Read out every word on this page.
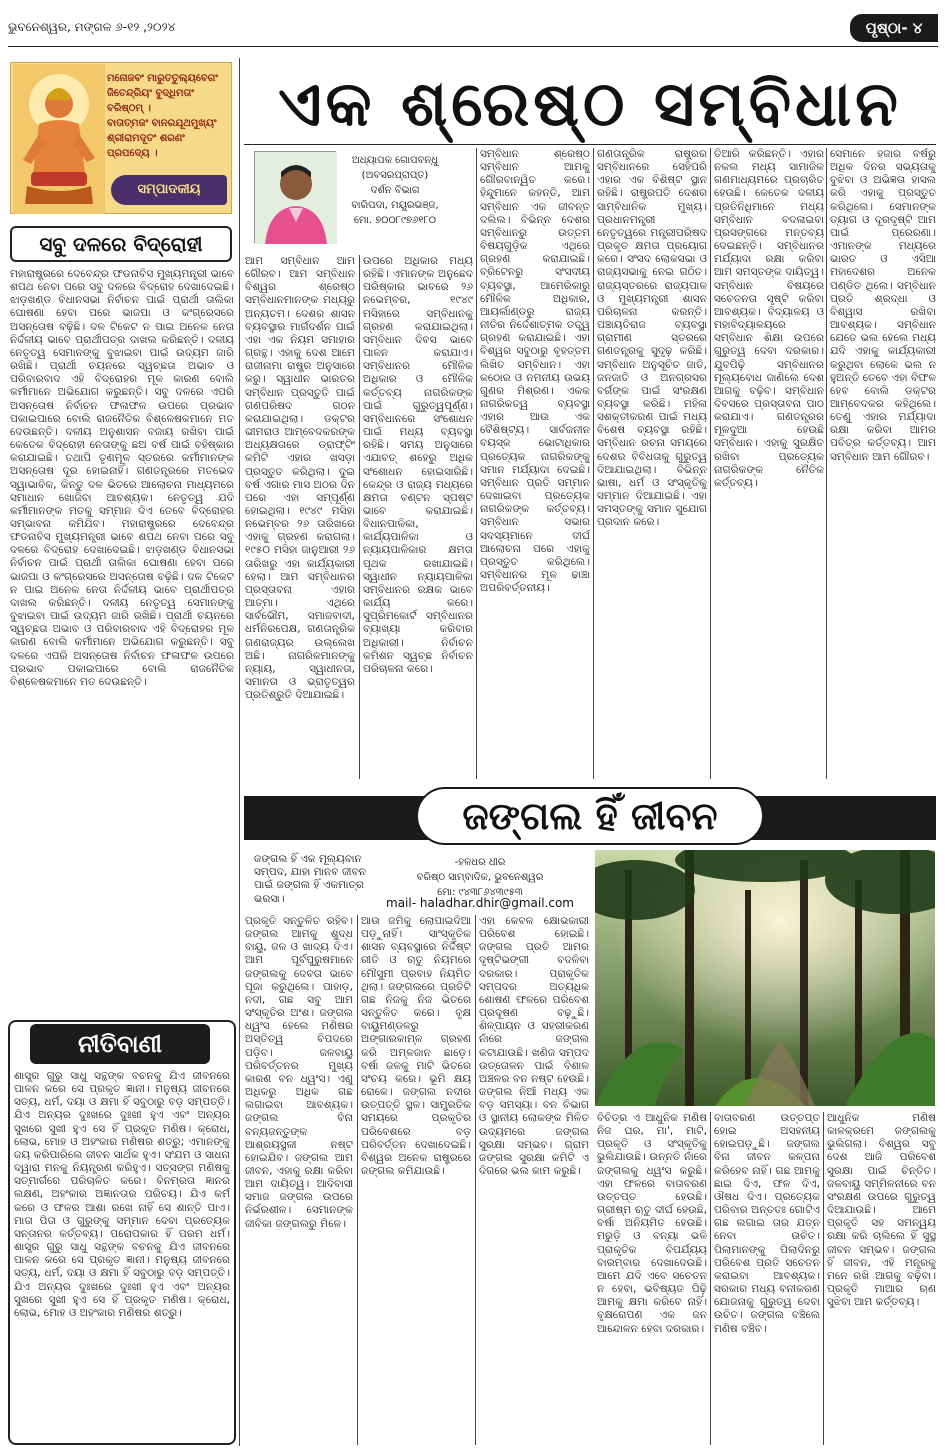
ଭୁବନେଶ୍ୱର, ମଙ୍ଗଳ ୬-୧୨ ,୨୦୨୪	ପୃଷ୍ଠା- ୪
ମନୋଜବଂ ମାରୁତତୁଲ୍ୟବେଗଂ
ଜିତେନ୍ଦ୍ରିୟଂ ବୁଦ୍ଧିମତାଂ ବରିଷ୍ଠମ୍ ।
ବାତାତ୍ମଜଂ ବାନରଯୂଥମୁଖ୍ୟଂ
ଶ୍ରୀରାମଦୂତଂ ଶରଣଂ ପ୍ରପଦ୍ୟେ ।
ସମ୍ପାଦକୀୟ
ସବୁ ଦଳରେ ବିଦ୍ରୋହୀ
ମହାରାଷ୍ଟ୍ରରେ ଦେବେନ୍ଦ୍ର ଫଡନାବିସ ମୁଖ୍ୟମନ୍ତ୍ରୀ ଭାବେ ଶପଥ ନେବା ପରେ ସବୁ ଦଳରେ ବିଦ୍ରୋହ ଦେଖାଦେଇଛି। ଝାଡ଼ଖଣ୍ଡ ବିଧାନସଭା ନିର୍ବାଚନ ପାଇଁ ପ୍ରାର୍ଥୀ ତାଲିକା ଘୋଷଣା ହେବା ପରେ ଭାଜପା ଓ କଂଗ୍ରେସରେ ଅସନ୍ତୋଷ ବଢ଼ିଛି। ଦଳ ଟିକେଟ ନ ପାଇ ଅନେକ ନେତା ନିର୍ଦ୍ଦଳୀୟ ଭାବେ ପ୍ରାର୍ଥୀପତ୍ର ଦାଖଲ କରିଛନ୍ତି। ଦଳୀୟ ନେତୃତ୍ୱ ସେମାନଙ୍କୁ ବୁଝାଇବା ପାଇଁ ଉଦ୍ୟମ ଜାରି ରଖିଛି। ପ୍ରାର୍ଥୀ ଚୟନରେ ସ୍ୱଚ୍ଛତା ଅଭାବ ଓ ପରିବାରବାଦ ଏହି ବିଦ୍ରୋହର ମୂଳ କାରଣ ବୋଲି କର୍ମୀମାନେ ଅଭିଯୋଗ କରୁଛନ୍ତି। ସବୁ ଦଳରେ ଏପରି ଅସନ୍ତୋଷ ନିର୍ବାଚନ ଫଳାଫଳ ଉପରେ ପ୍ରଭାବ ପକାଇପାରେ ବୋଲି ରାଜନୈତିକ ବିଶ୍ଳେଷକମାନେ ମତ ଦେଉଛନ୍ତି। ଦଳୀୟ ଅନୁଶାସନ ବଜାୟ ରଖିବା ପାଇଁ କେତେକ ବିଦ୍ରୋହୀ ନେତାଙ୍କୁ ଛଅ ବର୍ଷ ପାଇଁ ବହିଷ୍କାର କରାଯାଇଛି। ତଥାପି ତୃଣମୂଳ ସ୍ତରରେ କର୍ମୀମାନଙ୍କ ଅସନ୍ତୋଷ ଦୂର ହୋଇନାହିଁ। ଗଣତନ୍ତ୍ରରେ ମତଭେଦ ସ୍ୱାଭାବିକ, କିନ୍ତୁ ଦଳ ଭିତରେ ଆଲୋଚନା ମାଧ୍ୟମରେ ସମାଧାନ ଖୋଜିବା ଆବଶ୍ୟକ। ନେତୃତ୍ୱ ଯଦି କର୍ମୀମାନଙ୍କ ମତକୁ ସମ୍ମାନ ଦିଏ ତେବେ ବିଦ୍ରୋହର ସମ୍ଭାବନା କମିଯିବ। ମହାରାଷ୍ଟ୍ରରେ ଦେବେନ୍ଦ୍ର ଫଡନାବିସ ମୁଖ୍ୟମନ୍ତ୍ରୀ ଭାବେ ଶପଥ ନେବା ପରେ ସବୁ ଦଳରେ ବିଦ୍ରୋହ ଦେଖାଦେଇଛି। ଝାଡ଼ଖଣ୍ଡ ବିଧାନସଭା ନିର୍ବାଚନ ପାଇଁ ପ୍ରାର୍ଥୀ ତାଲିକା ଘୋଷଣା ହେବା ପରେ ଭାଜପା ଓ କଂଗ୍ରେସରେ ଅସନ୍ତୋଷ ବଢ଼ିଛି। ଦଳ ଟିକେଟ ନ ପାଇ ଅନେକ ନେତା ନିର୍ଦ୍ଦଳୀୟ ଭାବେ ପ୍ରାର୍ଥୀପତ୍ର ଦାଖଲ କରିଛନ୍ତି। ଦଳୀୟ ନେତୃତ୍ୱ ସେମାନଙ୍କୁ ବୁଝାଇବା ପାଇଁ ଉଦ୍ୟମ ଜାରି ରଖିଛି। ପ୍ରାର୍ଥୀ ଚୟନରେ ସ୍ୱଚ୍ଛତା ଅଭାବ ଓ ପରିବାରବାଦ ଏହି ବିଦ୍ରୋହର ମୂଳ କାରଣ ବୋଲି କର୍ମୀମାନେ ଅଭିଯୋଗ କରୁଛନ୍ତି। ସବୁ ଦଳରେ ଏପରି ଅସନ୍ତୋଷ ନିର୍ବାଚନ ଫଳାଫଳ ଉପରେ ପ୍ରଭାବ ପକାଇପାରେ ବୋଲି ରାଜନୈତିକ ବିଶ୍ଳେଷକମାନେ ମତ ଦେଉଛନ୍ତି।
ନୀତିବାଣୀ
ଶାସ୍ତ୍ର ଗୁରୁ ସାଧୁ ସନ୍ଥଙ୍କ ବଚନକୁ ଯିଏ ଜୀବନରେ ପାଳନ କରେ ସେ ପ୍ରକୃତ ଜ୍ଞାନୀ। ମନୁଷ୍ୟ ଜୀବନରେ ସତ୍ୟ, ଧର୍ମ, ଦୟା ଓ କ୍ଷମା ହିଁ ସବୁଠାରୁ ବଡ଼ ସମ୍ପତ୍ତି। ଯିଏ ଅନ୍ୟର ଦୁଃଖରେ ଦୁଃଖୀ ହୁଏ ଏବଂ ଅନ୍ୟର ସୁଖରେ ସୁଖୀ ହୁଏ ସେ ହିଁ ପ୍ରକୃତ ମଣିଷ। କ୍ରୋଧ, ଲୋଭ, ମୋହ ଓ ଅହଂକାର ମଣିଷର ଶତ୍ରୁ; ଏମାନଙ୍କୁ ଜୟ କରିପାରିଲେ ଜୀବନ ସାର୍ଥକ ହୁଏ। ସଂଯମ ଓ ସାଧନା ଦ୍ୱାରା ମନକୁ ନିୟନ୍ତ୍ରଣ କରିହୁଏ। ସତ୍‌ସଙ୍ଗ ମଣିଷକୁ ସତ୍‌ମାର୍ଗରେ ପରିଚାଳିତ କରେ। ବିନମ୍ରତା ଜ୍ଞାନର ଲକ୍ଷଣ, ଅହଂକାର ଅଜ୍ଞାନତାର ପରିଚୟ। ଯିଏ କର୍ମ କରେ ଓ ଫଳର ଆଶା ରଖେ ନାହିଁ ସେ ଶାନ୍ତି ପାଏ। ମାତା ପିତା ଓ ଗୁରୁଙ୍କୁ ସମ୍ମାନ ଦେବା ପ୍ରତ୍ୟେକ ସନ୍ତାନର କର୍ତ୍ତବ୍ୟ। ପରୋପକାର ହିଁ ପରମ ଧର୍ମ। ଶାସ୍ତ୍ର ଗୁରୁ ସାଧୁ ସନ୍ଥଙ୍କ ବଚନକୁ ଯିଏ ଜୀବନରେ ପାଳନ କରେ ସେ ପ୍ରକୃତ ଜ୍ଞାନୀ। ମନୁଷ୍ୟ ଜୀବନରେ ସତ୍ୟ, ଧର୍ମ, ଦୟା ଓ କ୍ଷମା ହିଁ ସବୁଠାରୁ ବଡ଼ ସମ୍ପତ୍ତି। ଯିଏ ଅନ୍ୟର ଦୁଃଖରେ ଦୁଃଖୀ ହୁଏ ଏବଂ ଅନ୍ୟର ସୁଖରେ ସୁଖୀ ହୁଏ ସେ ହିଁ ପ୍ରକୃତ ମଣିଷ। କ୍ରୋଧ, ଲୋଭ, ମୋହ ଓ ଅହଂକାର ମଣିଷର ଶତ୍ରୁ।
ଏକ ଶ୍ରେଷ୍ଠ ସମ୍ବିଧାନ
ଅଧ୍ୟାପକ ଗୋପବନ୍ଧୁ (ଅବସରପ୍ରାପ୍ତ)
ଦର୍ଶନ ବିଭାଗ
ବାରିପଦା, ମୟୂରଭଞ୍ଜ,
ମୋ. ୭୦୦୮୯୭୬୧୮୦
ଆମ ସମ୍ବିଧାନ ଆମ ଗୌରବ। ଆମ ସମ୍ବିଧାନ ବିଶ୍ୱର ଶ୍ରେଷ୍ଠ ସମ୍ବିଧାନମାନଙ୍କ ମଧ୍ୟରୁ ଅନ୍ୟତମ। ଦେଶର ଶାସନ ବ୍ୟବସ୍ଥାର ମାର୍ଗଦର୍ଶନ ପାଇଁ ଏହା ଏକ ନିୟମ ସମାହାର ଗ୍ରନ୍ଥ। ଏହାକୁ ଦେଶ ଆମେ ରାଜୀନାମା ରାଷ୍ଟ୍ର ଅନୁସାରେ କରୁ। ସ୍ୱାଧୀନ ଭାରତର ସମ୍ବିଧାନ ପ୍ରସ୍ତୁତି ପାଇଁ ଗଣପରିଷଦ ଗଠନ କରାଯାଇଥିଲା। ଡକ୍ଟର ଭୀମରାଓ ଆମ୍ବେଦକରଙ୍କ ଅଧ୍ୟକ୍ଷତାରେ ଡ୍ରାଫ୍ଟିଂ କମିଟି ଏହାର ଖସଡ଼ା ପ୍ରସ୍ତୁତ କରିଥିଲା। ଦୁଇ ବର୍ଷ ଏଗାର ମାସ ଅଠର ଦିନ ପରେ ଏହା ସମ୍ପୂର୍ଣ୍ଣ ହୋଇଥିଲା। ୧୯୪୯ ମସିହା ନଭେମ୍ବର ୨୬ ତାରିଖରେ ଏହାକୁ ଗ୍ରହଣ କରାଗଲା। ୧୯୫୦ ମସିହା ଜାନୁଆରୀ ୨୬ ତାରିଖରୁ ଏହା କାର୍ଯ୍ୟକାରୀ ହେଲା। ଆମ ସମ୍ବିଧାନର ପ୍ରସ୍ତାବନା ଏହାର ଆତ୍ମା। ଏଥିରେ ସାର୍ବଭୌମ, ସମାଜବାଦୀ, ଧର୍ମନିରପେକ୍ଷ, ଗଣତାନ୍ତ୍ରିକ ଗଣରାଜ୍ୟର ଉଲ୍ଲେଖ ଅଛି। ନାଗରିକମାନଙ୍କୁ ନ୍ୟାୟ, ସ୍ୱାଧୀନତା, ସମାନତା ଓ ଭ୍ରାତୃତ୍ୱର ପ୍ରତିଶ୍ରୁତି ଦିଆଯାଇଛି।
ଉପରେ ଅଧିକାର ମଧ୍ୟ ରହିଛି। ଏମାନଙ୍କ ଅନୁଛେଦ ପରିଷ୍କାର ଭାବରେ ୨୬ ନଭେମ୍ବର, ୧୯୪୯ ମସିହାରେ ସମ୍ବିଧାନକୁ ଗ୍ରହଣ କରାଯାଇଥିଲା। ସମ୍ବିଧାନ ଦିବସ ଭାବେ ପାଳନ କରାଯାଏ। ସମ୍ବିଧାନର ମୌଳିକ ଅଧିକାର ଓ ମୌଳିକ କର୍ତ୍ତବ୍ୟ ନାଗରିକଙ୍କ ପାଇଁ ଗୁରୁତ୍ୱପୂର୍ଣ୍ଣ। ସମ୍ବିଧାନରେ ସଂଶୋଧନ ପାଇଁ ମଧ୍ୟ ବ୍ୟବସ୍ଥା ରହିଛି। ସମୟ ଅନୁସାରେ ଏଯାବତ୍ ଶହେରୁ ଅଧିକ ସଂଶୋଧନ ହୋଇସାରିଛି। କେନ୍ଦ୍ର ଓ ରାଜ୍ୟ ମଧ୍ୟରେ କ୍ଷମତା ବଣ୍ଟନ ସ୍ପଷ୍ଟ ଭାବେ କରାଯାଇଛି। ବିଧାନପାଳିକା, କାର୍ଯ୍ୟପାଳିକା ଓ ନ୍ୟାୟପାଳିକାର କ୍ଷମତା ପୃଥକ ରଖାଯାଇଛି। ସ୍ୱାଧୀନ ନ୍ୟାୟପାଳିକା ସମ୍ବିଧାନର ରକ୍ଷକ ଭାବେ କାର୍ଯ୍ୟ କରେ। ସୁପ୍ରିମକୋର୍ଟ ସମ୍ବିଧାନର ବ୍ୟାଖ୍ୟା କରିବାର ଅଧିକାରୀ। ନିର୍ବାଚନ କମିଶନ ସ୍ୱଚ୍ଛ ନିର୍ବାଚନ ପରିଚାଳନା କରେ।
ସମ୍ବିଧାନ ଶ୍ରେଷ୍ଠ ସମ୍ବିଧାନ ଆମକୁ ଗୌରବାନ୍ୱିତ କରେ। ହିନ୍ଦୁମାନେ କହନ୍ତି, ଆମ ସମ୍ବିଧାନ ଏକ ଜୀବନ୍ତ ଦଲିଲ। ବିଭିନ୍ନ ଦେଶର ସମ୍ବିଧାନରୁ ଉତ୍ତମ ବିଷୟଗୁଡ଼ିକ ଏଥିରେ ଗ୍ରହଣ କରାଯାଇଛି। ବ୍ରିଟେନରୁ ସଂସଦୀୟ ବ୍ୟବସ୍ଥା, ଆମେରିକାରୁ ମୌଳିକ ଅଧିକାର, ଆୟର୍ଲାଣ୍ଡରୁ ରାଜ୍ୟ ନୀତିର ନିର୍ଦ୍ଦେଶାତ୍ମକ ତତ୍ତ୍ୱ ଗ୍ରହଣ କରାଯାଇଛି। ଏହା ବିଶ୍ୱର ସବୁଠାରୁ ବୃହତ୍ତମ ଲିଖିତ ସମ୍ବିଧାନ। ଏହା କଠୋର ଓ ନମନୀୟ ଉଭୟ ଗୁଣର ମିଶ୍ରଣ। ଏକକ ନାଗରିକତ୍ୱ ବ୍ୟବସ୍ଥା ଏହାର ଆଉ ଏକ ବୈଶିଷ୍ଟ୍ୟ। ସାର୍ବଜନୀନ ବୟସ୍କ ଭୋଟାଧିକାର ପ୍ରତ୍ୟେକ ନାଗରିକଙ୍କୁ ସମାନ ମର୍ଯ୍ୟାଦା ଦେଇଛି। ସମ୍ବିଧାନ ପ୍ରତି ସମ୍ମାନ ଦେଖାଇବା ପ୍ରତ୍ୟେକ ନାଗରିକଙ୍କ କର୍ତ୍ତବ୍ୟ। ସମ୍ବିଧାନ ସଭାର ସଦସ୍ୟମାନେ ଦୀର୍ଘ ଆଲୋଚନା ପରେ ଏହାକୁ ପ୍ରସ୍ତୁତ କରିଥିଲେ। ସମ୍ବିଧାନର ମୂଳ ଢାଞ୍ଚା ଅପରିବର୍ତ୍ତନୀୟ।
ଗଣତାନ୍ତ୍ରିକ ରାଷ୍ଟ୍ରର ସମ୍ବିଧାନରେ ସେହିପରି ଏହାର ଏକ ବିଶିଷ୍ଟ ସ୍ଥାନ ରହିଛି। ରାଷ୍ଟ୍ରପତି ଦେଶର ସାମ୍ବିଧାନିକ ମୁଖ୍ୟ। ପ୍ରଧାନମନ୍ତ୍ରୀ ନେତୃତ୍ୱରେ ମନ୍ତ୍ରୀପରିଷଦ ପ୍ରକୃତ କ୍ଷମତା ପ୍ରୟୋଗ କରେ। ସଂସଦ ଲୋକସଭା ଓ ରାଜ୍ୟସଭାକୁ ନେଇ ଗଠିତ। ରାଜ୍ୟସ୍ତରରେ ରାଜ୍ୟପାଳ ଓ ମୁଖ୍ୟମନ୍ତ୍ରୀ ଶାସନ ପରିଚାଳନା କରନ୍ତି। ପଞ୍ଚାୟତିରାଜ ବ୍ୟବସ୍ଥା ଗ୍ରାମୀଣ ସ୍ତରରେ ଗଣତନ୍ତ୍ରକୁ ସୁଦୃଢ଼ କରିଛି। ସମ୍ବିଧାନ ଅନୁସୂଚିତ ଜାତି, ଜନଜାତି ଓ ଅନଗ୍ରସର ବର୍ଗଙ୍କ ପାଇଁ ସଂରକ୍ଷଣ ବ୍ୟବସ୍ଥା କରିଛି। ମହିଳା ସଶକ୍ତୀକରଣ ପାଇଁ ମଧ୍ୟ ବିଶେଷ ବ୍ୟବସ୍ଥା ରହିଛି। ସମ୍ବିଧାନ ରଚନା ସମୟରେ ଦେଶର ବିବିଧତାକୁ ଗୁରୁତ୍ୱ ଦିଆଯାଇଥିଲା। ବିଭିନ୍ନ ଭାଷା, ଧର୍ମ ଓ ସଂସ୍କୃତିକୁ ସମ୍ମାନ ଦିଆଯାଇଛି। ଏହା ସମସ୍ତଙ୍କୁ ସମାନ ସୁଯୋଗ ପ୍ରଦାନ କରେ।
ତିଆରି କରିଛନ୍ତି। ଏହାର ନକଲ ମଧ୍ୟ ସାମାଜିକ ଗଣମାଧ୍ୟମରେ ପ୍ରଚାରିତ ହେଉଛି। କେତେକ ଦଳୀୟ ପ୍ରତିନିଧିମାନେ ମଧ୍ୟ ସମ୍ବିଧାନ ବଦଳାଇବା ପ୍ରସଙ୍ଗରେ ମନ୍ତବ୍ୟ ଦେଇଛନ୍ତି। ସମ୍ବିଧାନର ମର୍ଯ୍ୟାଦା ରକ୍ଷା କରିବା ଆମ ସମସ୍ତଙ୍କ ଦାୟିତ୍ୱ। ସମ୍ବିଧାନ ବିଷୟରେ ସଚେତନତା ସୃଷ୍ଟି କରିବା ଆବଶ୍ୟକ। ବିଦ୍ୟାଳୟ ଓ ମହାବିଦ୍ୟାଳୟରେ ସମ୍ବିଧାନ ଶିକ୍ଷା ଉପରେ ଗୁରୁତ୍ୱ ଦେବା ଦରକାର। ଯୁବପିଢ଼ି ସମ୍ବିଧାନର ମୂଲ୍ୟବୋଧ ଜାଣିଲେ ଦେଶ ଆଗକୁ ବଢ଼ିବ। ସମ୍ବିଧାନ ଦିବସରେ ପ୍ରସ୍ତାବନା ପାଠ କରାଯାଏ। ଗଣତନ୍ତ୍ରର ମୂଳଦୁଆ ହେଉଛି ସମ୍ବିଧାନ। ଏହାକୁ ସୁରକ୍ଷିତ ରଖିବା ପ୍ରତ୍ୟେକ ନାଗରିକଙ୍କ ନୈତିକ କର୍ତ୍ତବ୍ୟ।
ସେମାନେ ହଜାର ବର୍ଷରୁ ଅଧିକ ଦିନର ସଭ୍ୟତାକୁ ବୁଝିବା ଓ ଅଭିଜ୍ଞତା ହାସଲ କରି ଏହାକୁ ପ୍ରସ୍ତୁତ କରିଥିଲେ। ସେମାନଙ୍କ ତ୍ୟାଗ ଓ ଦୂରଦୃଷ୍ଟି ଆମ ପାଇଁ ପ୍ରେରଣା। ଏମାନଙ୍କ ମଧ୍ୟରେ ଭାରତ ଓ ଏସିଆ ମହାଦେଶର ଅନେକ ପଣ୍ଡିତ ଥିଲେ। ସମ୍ବିଧାନ ପ୍ରତି ଶ୍ରଦ୍ଧା ଓ ବିଶ୍ୱାସ ରଖିବା ଆବଶ୍ୟକ। ସମ୍ବିଧାନ ଯେତେ ଭଲ ହେଲେ ମଧ୍ୟ ଯଦି ଏହାକୁ କାର୍ଯ୍ୟକାରୀ କରୁଥିବା ଲୋକେ ଭଲ ନ ହୁଅନ୍ତି ତେବେ ଏହା ବିଫଳ ହେବ ବୋଲି ଡକ୍ଟର ଆମ୍ବେଦକର କହିଥିଲେ। ତେଣୁ ଏହାର ମର୍ଯ୍ୟାଦା ରକ୍ଷା କରିବା ଆମର ପବିତ୍ର କର୍ତ୍ତବ୍ୟ। ଆମ ସମ୍ବିଧାନ ଆମ ଗୌରବ।
ଜଙ୍ଗଲ ହିଁ ଜୀବନ
ଜଙ୍ଗଲ ହିଁ ଏକ ମୂଲ୍ୟବାନ ସମ୍ପଦ, ଯାହା ମାନବ ଜୀବନ ପାଇଁ ଜଙ୍ଗଲ ହିଁ ଏକମାତ୍ର ଭରସା।
-ହଳଧର ଧୀର
ବରିଷ୍ଠ ସାମ୍ବାଦିକ, ଭୁବନେଶ୍ୱର
ମୋ: ୯୪୩୮୬୪୩୯୫୩
mail- haladhar.dhir@gmail.com
ପ୍ରକୃତି ସନ୍ତୁଳିତ ରହିବ। ଜଙ୍ଗଲ ଆମକୁ ଶୁଦ୍ଧ ବାୟୁ, ଜଳ ଓ ଖାଦ୍ୟ ଦିଏ। ଆମ ପୂର୍ବପୁରୁଷମାନେ ଜଙ୍ଗଲକୁ ଦେବତା ଭାବେ ପୂଜା କରୁଥିଲେ। ପାହାଡ଼, ନଦୀ, ଗଛ ସବୁ ଆମ ସଂସ୍କୃତିର ଅଂଶ। ଜଙ୍ଗଲ ଧ୍ୱଂସ ହେଲେ ମଣିଷର ଅସ୍ତିତ୍ୱ ବିପଦରେ ପଡ଼ିବ। ଜଳବାୟୁ ପରିବର୍ତ୍ତନର ମୁଖ୍ୟ କାରଣ ବନ ଧ୍ୱଂସ। ଏଣୁ ଅଧିକରୁ ଅଧିକ ଗଛ ଲଗାଇବା ଆବଶ୍ୟକ। ଜଙ୍ଗଲ ବିନା ବନ୍ୟଜନ୍ତୁଙ୍କ ଆଶ୍ରୟସ୍ଥଳୀ ନଷ୍ଟ ହୋଇଯିବ। ଜଙ୍ଗଲ ଆମ ଜୀବନ, ଏହାକୁ ରକ୍ଷା କରିବା ଆମ ଦାୟିତ୍ୱ। ଆଦିବାସୀ ସମାଜ ଜଙ୍ଗଲ ଉପରେ ନିର୍ଭରଶୀଳ। ସେମାନଙ୍କ ଜୀବିକା ଜଙ୍ଗଲରୁ ମିଳେ।
ଆଉ ଜମିକୁ ଲୋପାଇଦିଆ ପଡ଼ୁନାହିଁ। ସାଂସ୍କୃତିକ ଶାସନ ବ୍ୟବସ୍ଥାରେ ନିର୍ଦ୍ଦିଷ୍ଟ ରୀତି ଓ ଋତୁ ନିୟମରେ ମୌସୁମୀ ପ୍ରବାହ ନିୟମିତ ଥିଲା। ଜଙ୍ଗଲରେ ପ୍ରତିଟି ଗଛ ନିଜକୁ ନିଜ ଭିତରେ ସନ୍ତୁଳିତ କରେ। ବୃକ୍ଷ ବାୟୁମଣ୍ଡଳରୁ ଅଙ୍ଗାରକାମ୍ଳ ଗ୍ରହଣ କରି ଅମ୍ଳଜାନ ଛାଡ଼େ। ବର୍ଷା ଜଳକୁ ମାଟି ଭିତରେ ସଂଚୟ କରେ। ଭୂମି କ୍ଷୟ ରୋକେ। ଜଙ୍ଗଲ ନଦୀର ଉତ୍ପତ୍ତି ସ୍ଥଳ। ସାମ୍ପ୍ରତିକ ସମୟରେ ପ୍ରକୃତିର ପରିବେଶରେ ବଡ଼ ପରିବର୍ତ୍ତନ ଦେଖାଦେଇଛି। ବିଶ୍ୱର ଅନେକ ରାଷ୍ଟ୍ରରେ ଜଙ୍ଗଲ କମିଯାଉଛି।
ଏହା କେବଳ କ୍ଷୋଭକାରୀ ପରିବେଶ ହୋଇଛି। ଜଙ୍ଗଲ ପ୍ରତି ଆମର ଦୃଷ୍ଟିଭଙ୍ଗୀ ବଦଳିବା ଦରକାର। ପ୍ରାକୃତିକ ସମ୍ପଦର ଅତ୍ୟଧିକ ଶୋଷଣ ଫଳରେ ପରିବେଶ ପ୍ରଦୂଷଣ ବଢ଼ୁଛି। ଶିଳ୍ପାୟନ ଓ ସହରୀକରଣ ନାଁରେ ଜଙ୍ଗଲ କଟାଯାଉଛି। ଖଣିଜ ସମ୍ପଦ ଉତ୍ତୋଳନ ପାଇଁ ବିଶାଳ ଅଞ୍ଚଳର ବନ ନଷ୍ଟ ହେଉଛି। ଜଙ୍ଗଲ ନିଆଁ ମଧ୍ୟ ଏକ ବଡ଼ ସମସ୍ୟା। ବନ ବିଭାଗ ଓ ସ୍ଥାନୀୟ ଲୋକଙ୍କ ମିଳିତ ଉଦ୍ୟମରେ ଜଙ୍ଗଲ ସୁରକ୍ଷା ସମ୍ଭବ। ଗ୍ରାମ ଜଙ୍ଗଲ ସୁରକ୍ଷା କମିଟି ଏ ଦିଗରେ ଭଲ କାମ କରୁଛି।
ବିଚିତ୍ର ଏ ଆଧୁନିକ ମଣିଷ ନିଜ ଘର, ମା', ମାଟି, ପ୍ରକୃତି ଓ ସଂସ୍କୃତିକୁ ଭୁଲିଯାଉଛି। ଉନ୍ନତି ନାଁରେ ଜଙ୍ଗଲକୁ ଧ୍ୱଂସ କରୁଛି। ଏହା ଫଳରେ ବାତାବରଣ ଉତ୍ତପ୍ତ ହେଉଛି। ଗ୍ରୀଷ୍ମ ଋତୁ ଦୀର୍ଘ ହେଉଛି, ବର୍ଷା ଅନିୟମିତ ହେଉଛି। ମରୁଡ଼ି ଓ ବନ୍ୟା ଭଳି ପ୍ରାକୃତିକ ବିପର୍ଯ୍ୟୟ ବାରମ୍ବାର ଦେଖାଦେଉଛି। ଆମେ ଯଦି ଏବେ ସଚେତନ ନ ହେବା, ଭବିଷ୍ୟତ ପିଢ଼ି ଆମକୁ କ୍ଷମା କରିବେ ନାହିଁ। ବୃକ୍ଷରୋପଣ ଏକ ଜନ ଆନ୍ଦୋଳନ ହେବା ଦରକାର।
ବାତାବରଣ ଉତ୍ତପ୍ତ ହୋଇ ଅସହନୀୟ ହୋଇପଡ଼ୁଛି। ଜଙ୍ଗଲ ବିନା ଜୀବନ କଳ୍ପନା କରିହେବ ନାହିଁ। ଗଛ ଆମକୁ ଛାଇ ଦିଏ, ଫଳ ଦିଏ, ଔଷଧ ଦିଏ। ପ୍ରତ୍ୟେକ ପରିବାର ଅନ୍ତତଃ ଗୋଟିଏ ଗଛ ଲଗାଇ ତାର ଯତ୍ନ ନେବା ଉଚିତ। ପିଲାମାନଙ୍କୁ ପିଲାଦିନରୁ ପରିବେଶ ପ୍ରତି ସଚେତନ କରାଇବା ଆବଶ୍ୟକ। ସରକାର ମଧ୍ୟ ବନୀକରଣ ଯୋଜନାକୁ ଗୁରୁତ୍ୱ ଦେବା ଉଚିତ। ଜଙ୍ଗଲ ବଞ୍ଚିଲେ ମଣିଷ ବଞ୍ଚିବ।
ଆଧୁନିକ ମଣିଷ କାଳକ୍ରମେ ଜଙ୍ଗଲକୁ ଭୁଲିଗଲା। ବିଶ୍ୱର ସବୁ ଦେଶ ଆଜି ପରିବେଶ ସୁରକ୍ଷା ପାଇଁ ଚିନ୍ତିତ। ଜଳବାୟୁ ସମ୍ମିଳନୀରେ ବନ ସଂରକ୍ଷଣ ଉପରେ ଗୁରୁତ୍ୱ ଦିଆଯାଉଛି। ଆମେ ପ୍ରକୃତି ସହ ସମନ୍ୱୟ ରକ୍ଷା କରି ଚାଲିଲେ ହିଁ ସୁସ୍ଥ ଜୀବନ ସମ୍ଭବ। ଜଙ୍ଗଲ ହିଁ ଜୀବନ, ଏହି ମନ୍ତ୍ରକୁ ମନେ ରଖି ଆଗକୁ ବଢ଼ିବା। ପ୍ରକୃତି ମାଆର ଋଣ ସୁଝିବା ଆମ କର୍ତ୍ତବ୍ୟ।
